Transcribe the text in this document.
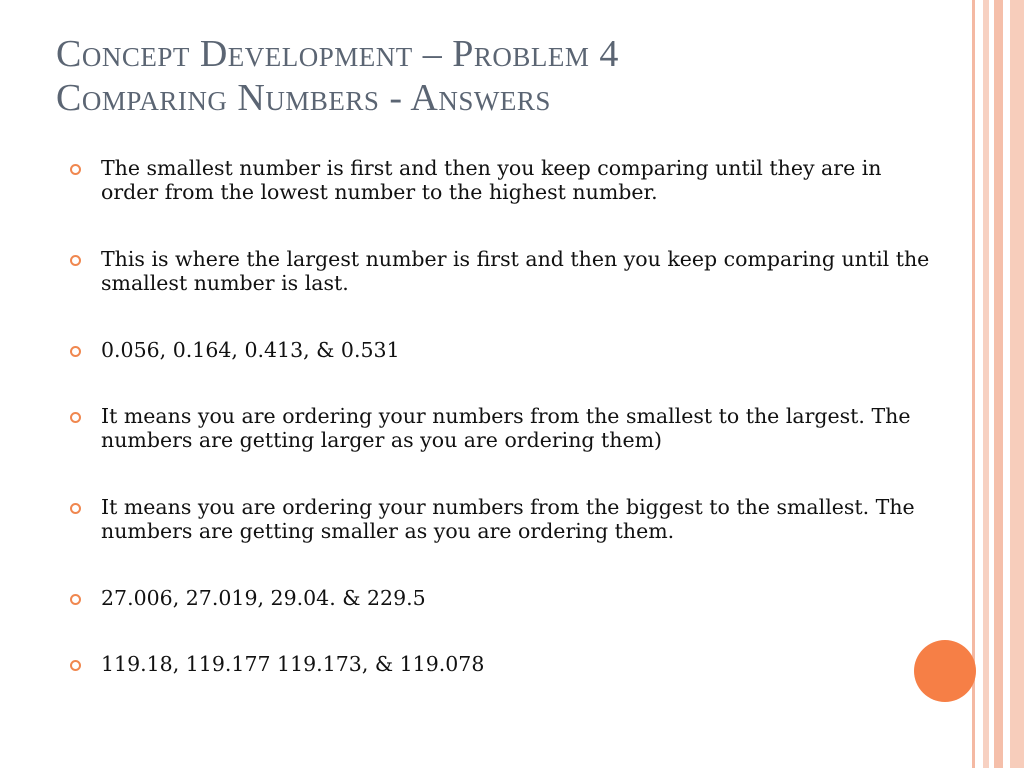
Concept Development – Problem 4
Comparing Numbers - Answers
The smallest number is first and then you keep comparing until they are in order from the lowest number to the highest number.
This is where the largest number is first and then you keep comparing until the smallest number is last.
0.056, 0.164, 0.413, & 0.531
It means you are ordering your numbers from the smallest to the largest. The numbers are getting larger as you are ordering them)
It means you are ordering your numbers from the biggest to the smallest. The numbers are getting smaller as you are ordering them.
27.006, 27.019, 29.04. & 229.5
119.18, 119.177 119.173, & 119.078
